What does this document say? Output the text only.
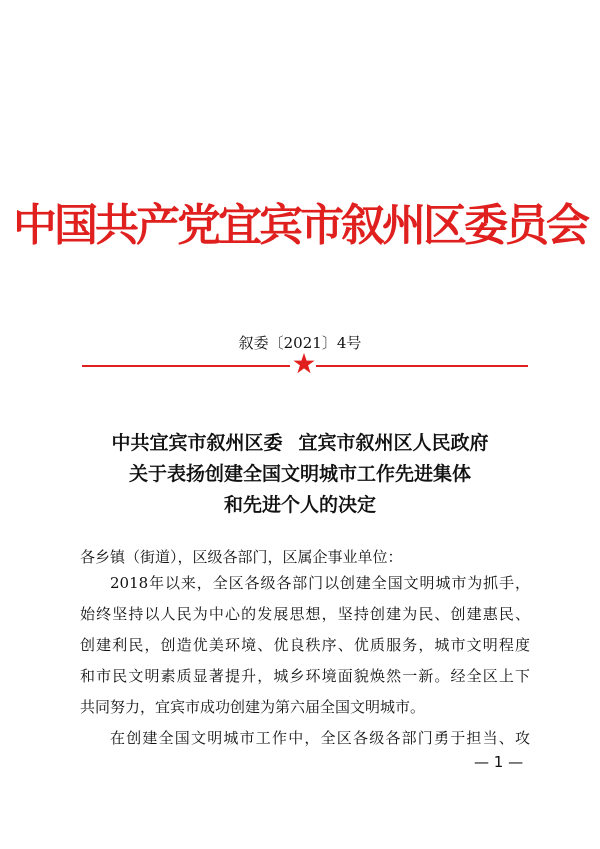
中国共产党宜宾市叙州区委员会
叙委〔2021〕4号
中共宜宾市叙州区委 宜宾市叙州区人民政府
关于表扬创建全国文明城市工作先进集体
和先进个人的决定
各乡镇（街道），区级各部门，区属企事业单位：
2018年以来，全区各级各部门以创建全国文明城市为抓手，
始终坚持以人民为中心的发展思想，坚持创建为民、创建惠民、
创建利民，创造优美环境、优良秩序、优质服务，城市文明程度
和市民文明素质显著提升，城乡环境面貌焕然一新。经全区上下
共同努力，宜宾市成功创建为第六届全国文明城市。
在创建全国文明城市工作中，全区各级各部门勇于担当、攻
— 1 —
